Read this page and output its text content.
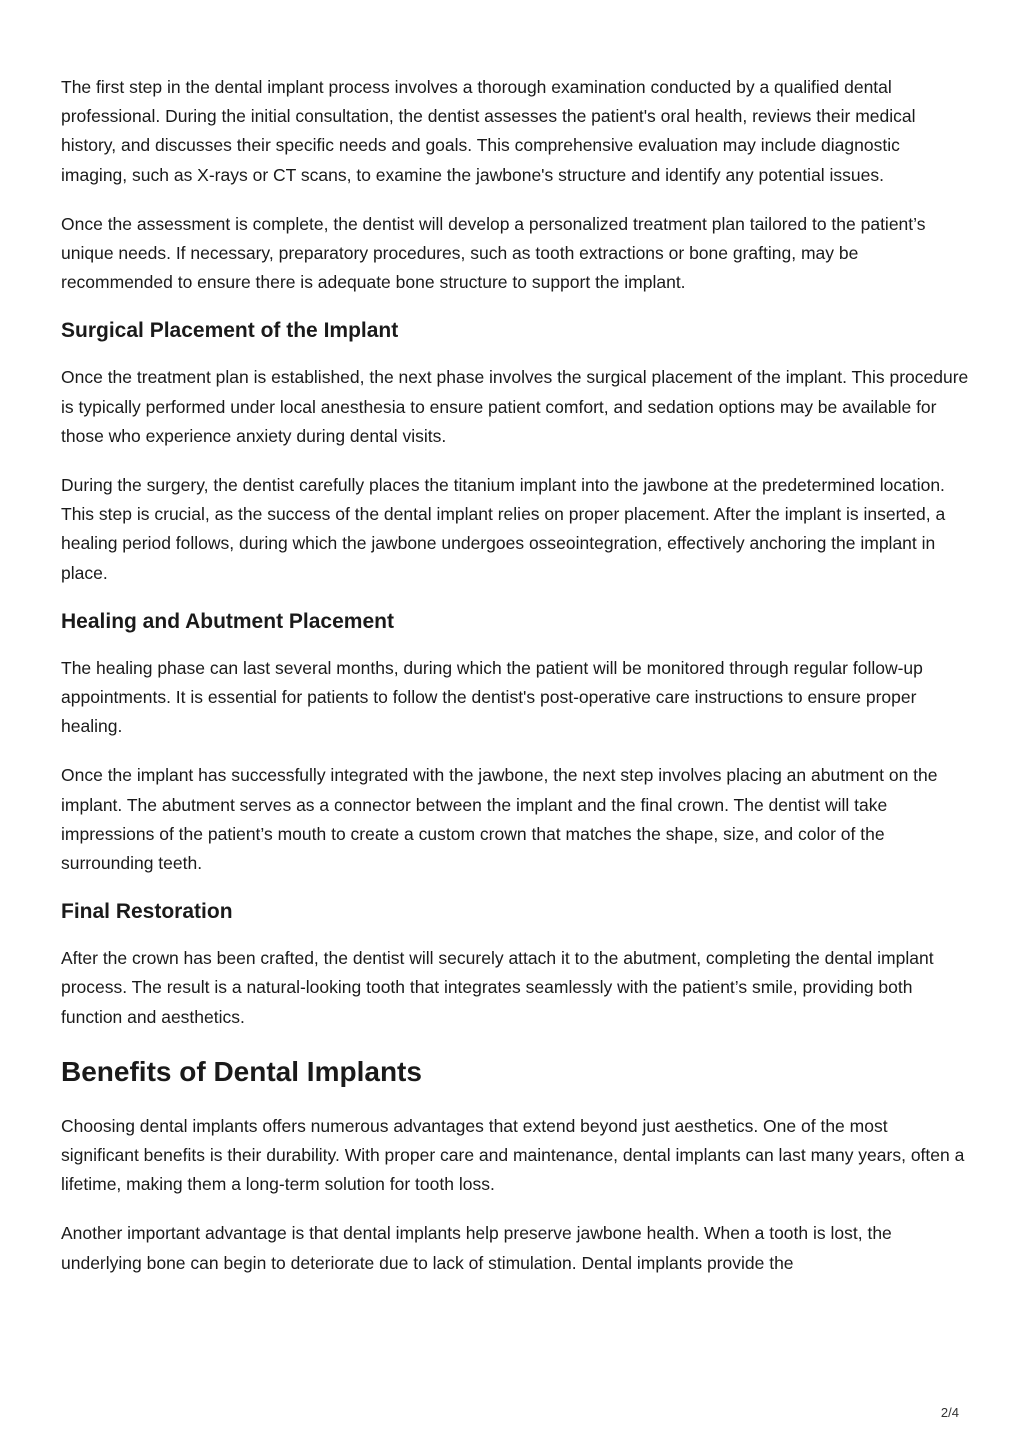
The first step in the dental implant process involves a thorough examination conducted by a qualified dental professional. During the initial consultation, the dentist assesses the patient's oral health, reviews their medical history, and discusses their specific needs and goals. This comprehensive evaluation may include diagnostic imaging, such as X-rays or CT scans, to examine the jawbone's structure and identify any potential issues.

Once the assessment is complete, the dentist will develop a personalized treatment plan tailored to the patient’s unique needs. If necessary, preparatory procedures, such as tooth extractions or bone grafting, may be recommended to ensure there is adequate bone structure to support the implant.

Surgical Placement of the Implant

Once the treatment plan is established, the next phase involves the surgical placement of the implant. This procedure is typically performed under local anesthesia to ensure patient comfort, and sedation options may be available for those who experience anxiety during dental visits.

During the surgery, the dentist carefully places the titanium implant into the jawbone at the predetermined location. This step is crucial, as the success of the dental implant relies on proper placement. After the implant is inserted, a healing period follows, during which the jawbone undergoes osseointegration, effectively anchoring the implant in place.

Healing and Abutment Placement

The healing phase can last several months, during which the patient will be monitored through regular follow-up appointments. It is essential for patients to follow the dentist's post-operative care instructions to ensure proper healing.

Once the implant has successfully integrated with the jawbone, the next step involves placing an abutment on the implant. The abutment serves as a connector between the implant and the final crown. The dentist will take impressions of the patient’s mouth to create a custom crown that matches the shape, size, and color of the surrounding teeth.

Final Restoration

After the crown has been crafted, the dentist will securely attach it to the abutment, completing the dental implant process. The result is a natural-looking tooth that integrates seamlessly with the patient’s smile, providing both function and aesthetics.

Benefits of Dental Implants

Choosing dental implants offers numerous advantages that extend beyond just aesthetics. One of the most significant benefits is their durability. With proper care and maintenance, dental implants can last many years, often a lifetime, making them a long-term solution for tooth loss.

Another important advantage is that dental implants help preserve jawbone health. When a tooth is lost, the underlying bone can begin to deteriorate due to lack of stimulation. Dental implants provide the

2/4
